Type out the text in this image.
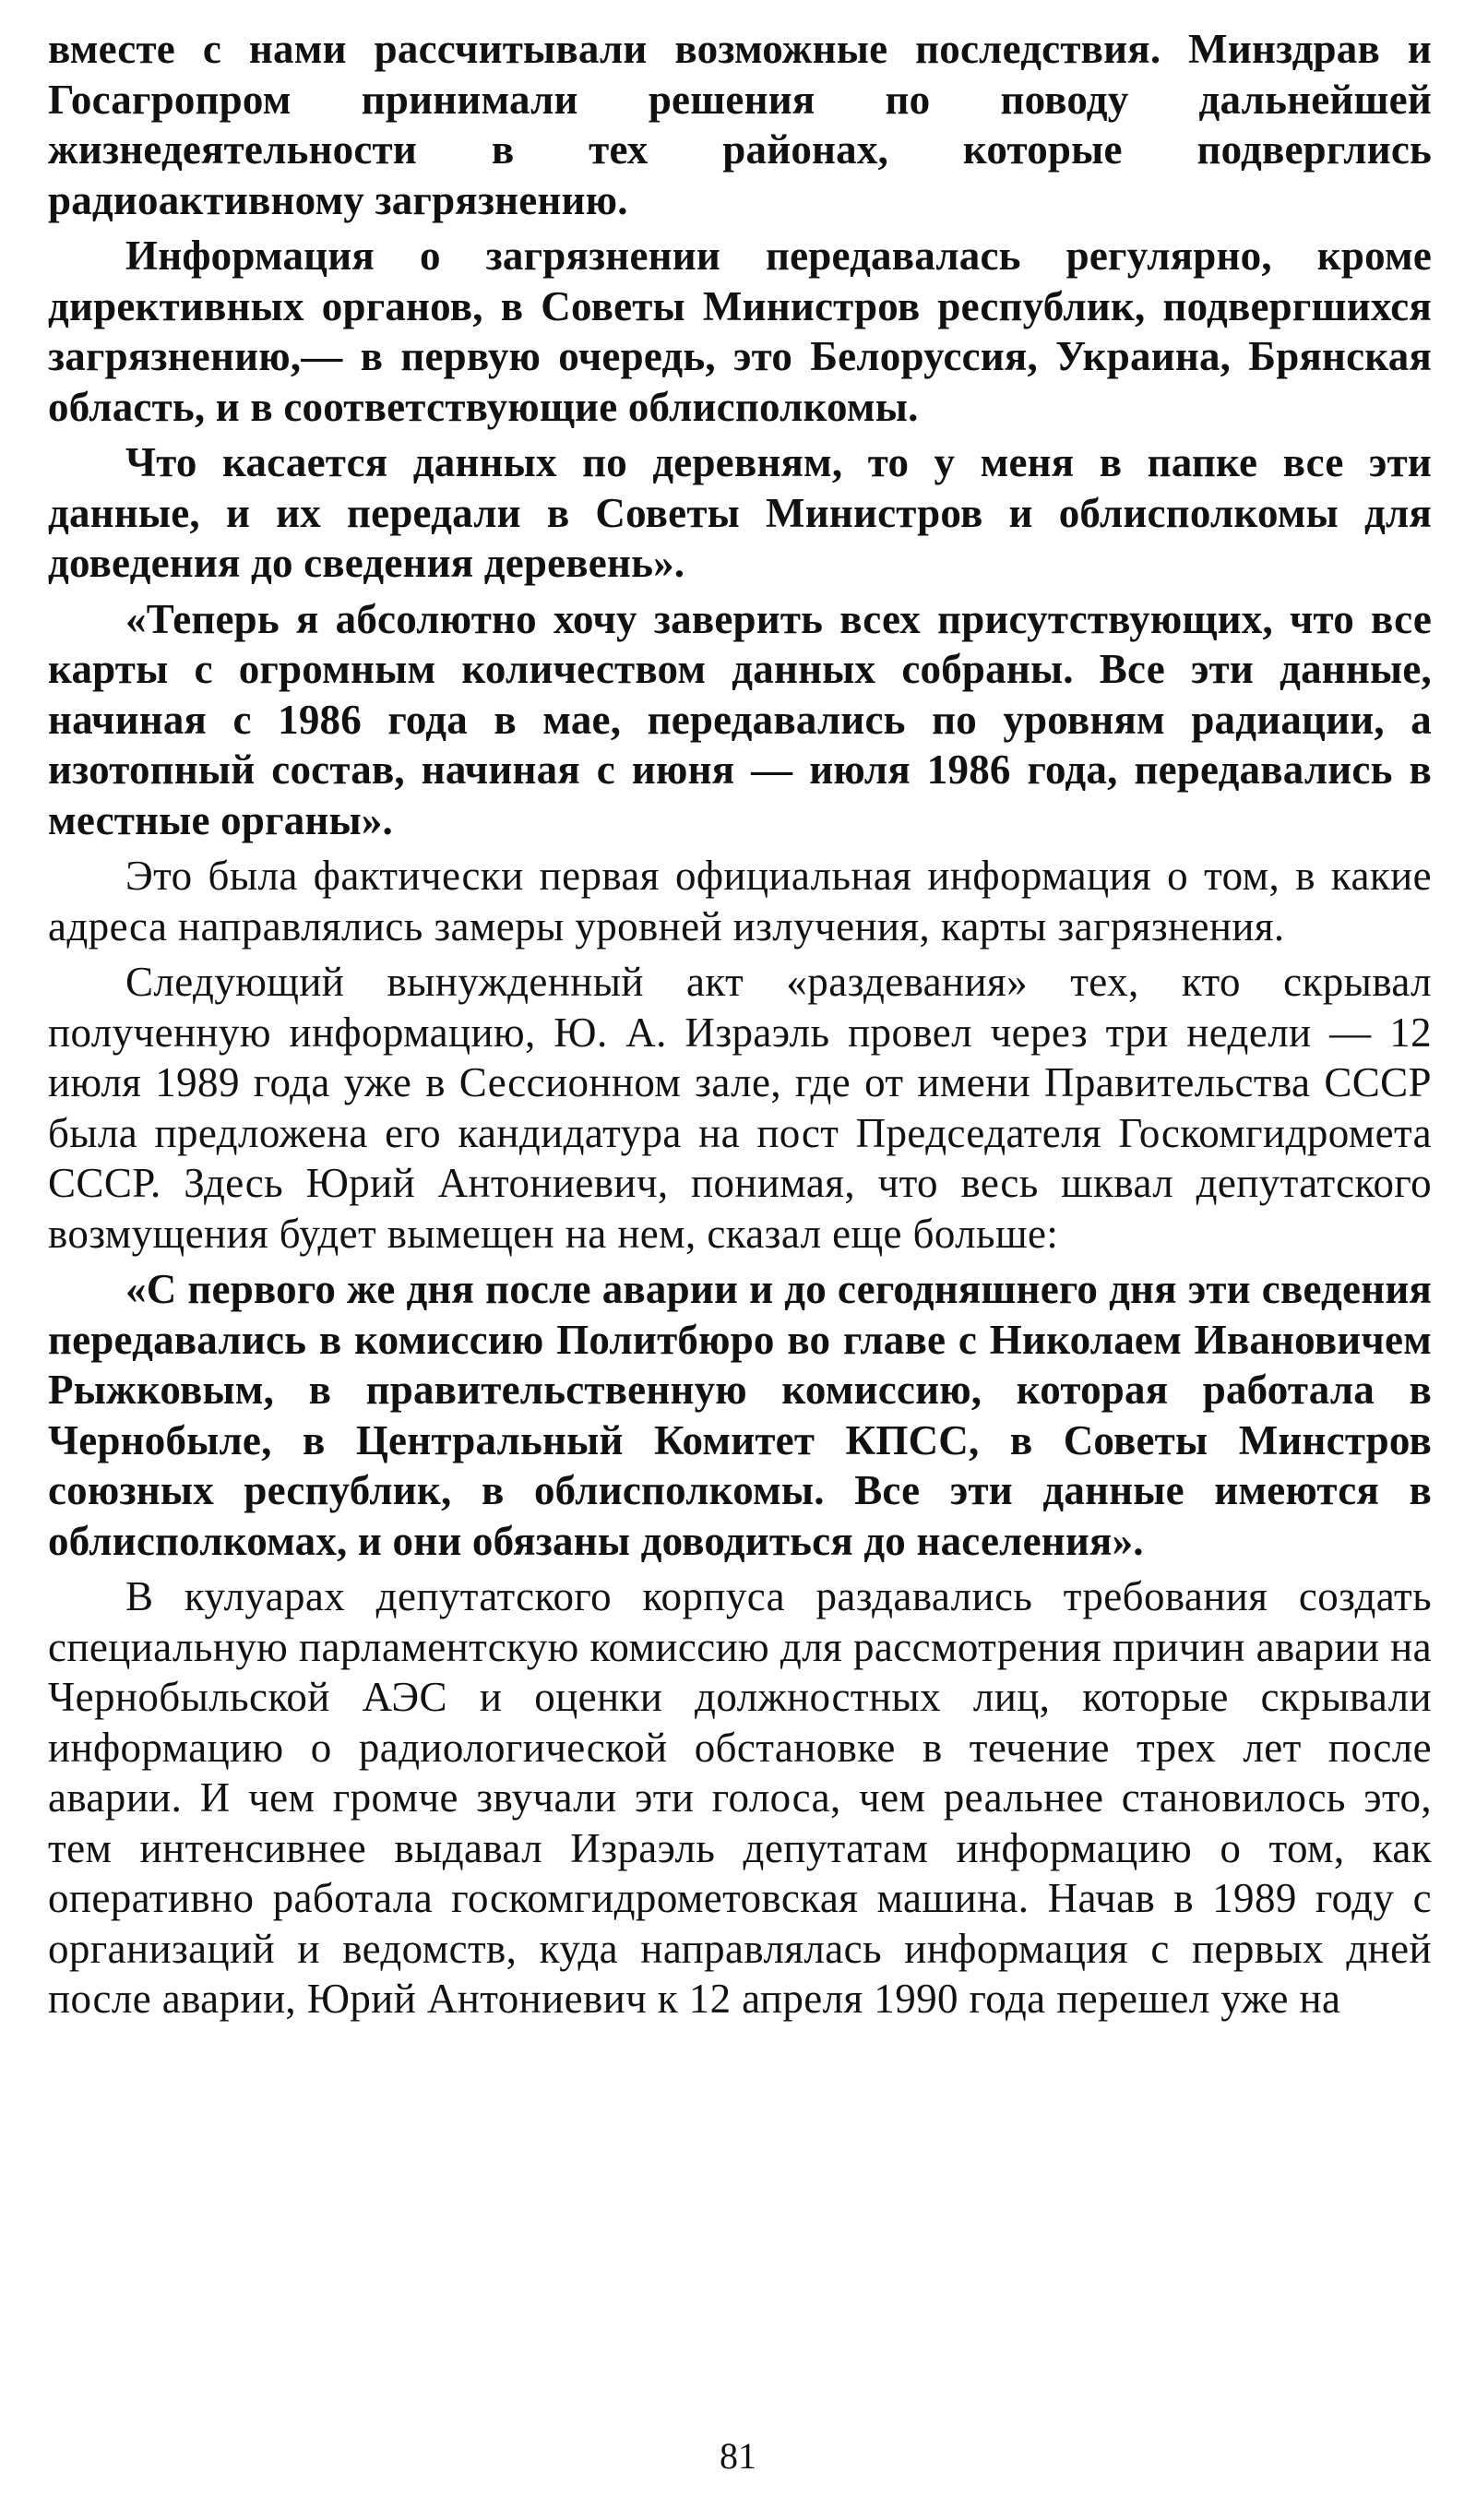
вместе с нами рассчитывали возможные последствия. Минздрав и Госагропром принимали решения по поводу дальнейшей жизнедеятельности в тех районах, которые подверглись радиоактивному загрязнению.

Информация о загрязнении передавалась регулярно, кроме директивных органов, в Советы Министров республик, подвергшихся загрязнению,— в первую очередь, это Белоруссия, Украина, Брянская область, и в соответствующие облисполкомы.

Что касается данных по деревням, то у меня в папке все эти данные, и их передали в Советы Министров и облисполкомы для доведения до сведения деревень».

«Теперь я абсолютно хочу заверить всех присутствующих, что все карты с огромным количеством данных собраны. Все эти данные, начиная с 1986 года в мае, передавались по уровням радиации, а изотопный состав, начиная с июня — июля 1986 года, передавались в местные органы».

Это была фактически первая официальная информация о том, в какие адреса направлялись замеры уровней излучения, карты загрязнения.

Следующий вынужденный акт «раздевания» тех, кто скрывал полученную информацию, Ю. А. Израэль провел через три недели — 12 июля 1989 года уже в Сессионном зале, где от имени Правительства СССР была предложена его кандидатура на пост Председателя Госкомгидромета СССР. Здесь Юрий Антониевич, понимая, что весь шквал депутатского возмущения будет вымещен на нем, сказал еще больше:

«С первого же дня после аварии и до сегодняшнего дня эти сведения передавались в комиссию Политбюро во главе с Николаем Ивановичем Рыжковым, в правительственную комиссию, которая работала в Чернобыле, в Центральный Комитет КПСС, в Советы Минстров союзных республик, в облисполкомы. Все эти данные имеются в облисполкомах, и они обязаны доводиться до населения».

В кулуарах депутатского корпуса раздавались требования создать специальную парламентскую комиссию для рассмотрения причин аварии на Чернобыльской АЭС и оценки должностных лиц, которые скрывали информацию о радиологической обстановке в течение трех лет после аварии. И чем громче звучали эти голоса, чем реальнее становилось это, тем интенсивнее выдавал Израэль депутатам информацию о том, как оперативно работала госкомгидрометовская машина. Начав в 1989 году с организаций и ведомств, куда направлялась информация с первых дней после аварии, Юрий Антониевич к 12 апреля 1990 года перешел уже на

81
